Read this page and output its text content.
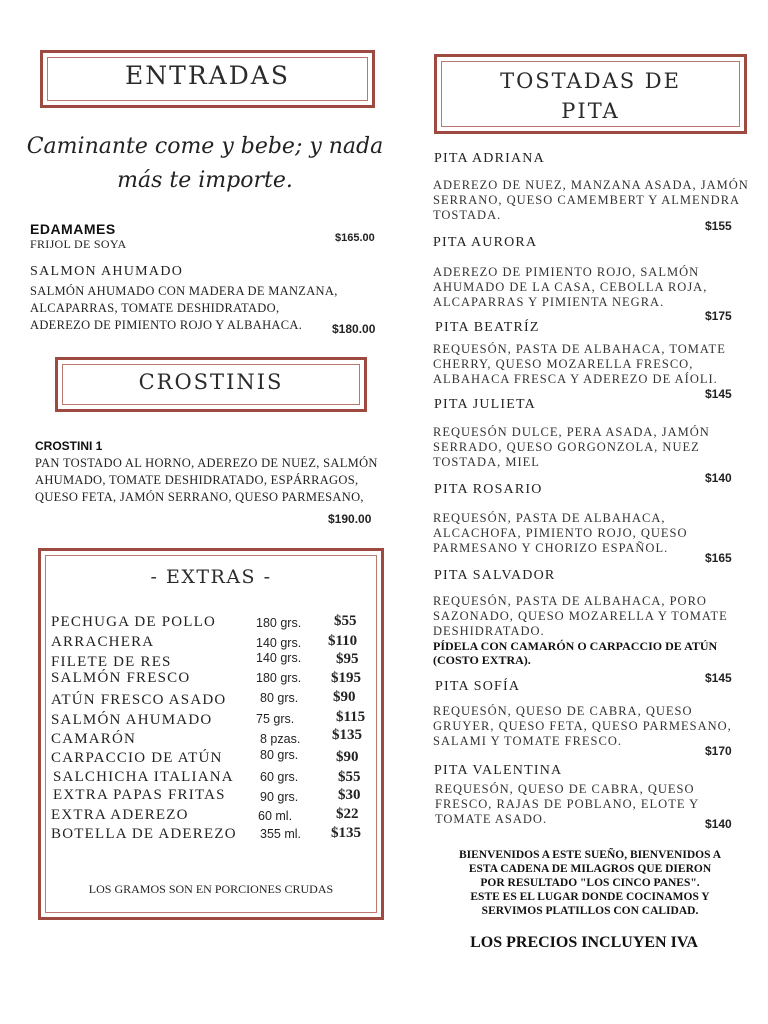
ENTRADAS
Caminante come y bebe; y nada
más te importe.
EDAMAMES
FRIJOL DE SOYA	$165.00
SALMON AHUMADO
SALMÓN AHUMADO CON MADERA DE MANZANA,
ALCAPARRAS, TOMATE DESHIDRATADO,
ADEREZO DE PIMIENTO ROJO Y ALBAHACA.	$180.00
CROSTINIS
CROSTINI 1
PAN TOSTADO AL HORNO, ADEREZO DE NUEZ, SALMÓN
AHUMADO, TOMATE DESHIDRATADO, ESPÁRRAGOS,
QUESO FETA, JAMÓN SERRANO, QUESO PARMESANO,
$190.00
- EXTRAS -
PECHUGA DE POLLO	180 grs. $55
ARRACHERA	140 grs. $110
FILETE DE RES	140 grs. $95
SALMÓN FRESCO	180 grs. $195
ATÚN FRESCO ASADO	80 grs. $90
SALMÓN AHUMADO	75 grs.	$115
CAMARÓN	8 pzas. $135
CARPACCIO DE ATÚN	80 grs.	$90
SALCHICHA ITALIANA 60 grs.	$55
EXTRA PAPAS FRITAS	90 grs.	$30
EXTRA ADEREZO	60 ml.	$22
BOTELLA DE ADEREZO 355 ml. $135
LOS GRAMOS SON EN PORCIONES CRUDAS
TOSTADAS DE
PITA
PITA ADRIANA
ADEREZO DE NUEZ, MANZANA ASADA, JAMÓN
SERRANO, QUESO CAMEMBERT Y ALMENDRA
TOSTADA.
$155
PITA AURORA
ADEREZO DE PIMIENTO ROJO, SALMÓN
AHUMADO DE LA CASA, CEBOLLA ROJA,
ALCAPARRAS Y PIMIENTA NEGRA.
$175
PITA BEATRÍZ
REQUESÓN, PASTA DE ALBAHACA, TOMATE
CHERRY, QUESO MOZARELLA FRESCO,
ALBAHACA FRESCA Y ADEREZO DE AÍOLI.
$145
PITA JULIETA
REQUESÓN DULCE, PERA ASADA, JAMÓN
SERRADO, QUESO GORGONZOLA, NUEZ
TOSTADA, MIEL
$140
PITA ROSARIO
REQUESÓN, PASTA DE ALBAHACA,
ALCACHOFA, PIMIENTO ROJO, QUESO
PARMESANO Y CHORIZO ESPAÑOL.
$165
PITA SALVADOR
REQUESÓN, PASTA DE ALBAHACA, PORO
SAZONADO, QUESO MOZARELLA Y TOMATE
DESHIDRATADO.
PÍDELA CON CAMARÓN O CARPACCIO DE ATÚN
(COSTO EXTRA).
$145
PITA SOFÍA
REQUESÓN, QUESO DE CABRA, QUESO
GRUYER, QUESO FETA, QUESO PARMESANO,
SALAMI Y TOMATE FRESCO.
$170
PITA VALENTINA
REQUESÓN, QUESO DE CABRA, QUESO
FRESCO, RAJAS DE POBLANO, ELOTE Y
TOMATE ASADO.	$140
BIENVENIDOS A ESTE SUEÑO, BIENVENIDOS A
ESTA CADENA DE MILAGROS QUE DIERON
POR RESULTADO "LOS CINCO PANES".
ESTE ES EL LUGAR DONDE COCINAMOS Y
SERVIMOS PLATILLOS CON CALIDAD.
LOS PRECIOS INCLUYEN IVA
